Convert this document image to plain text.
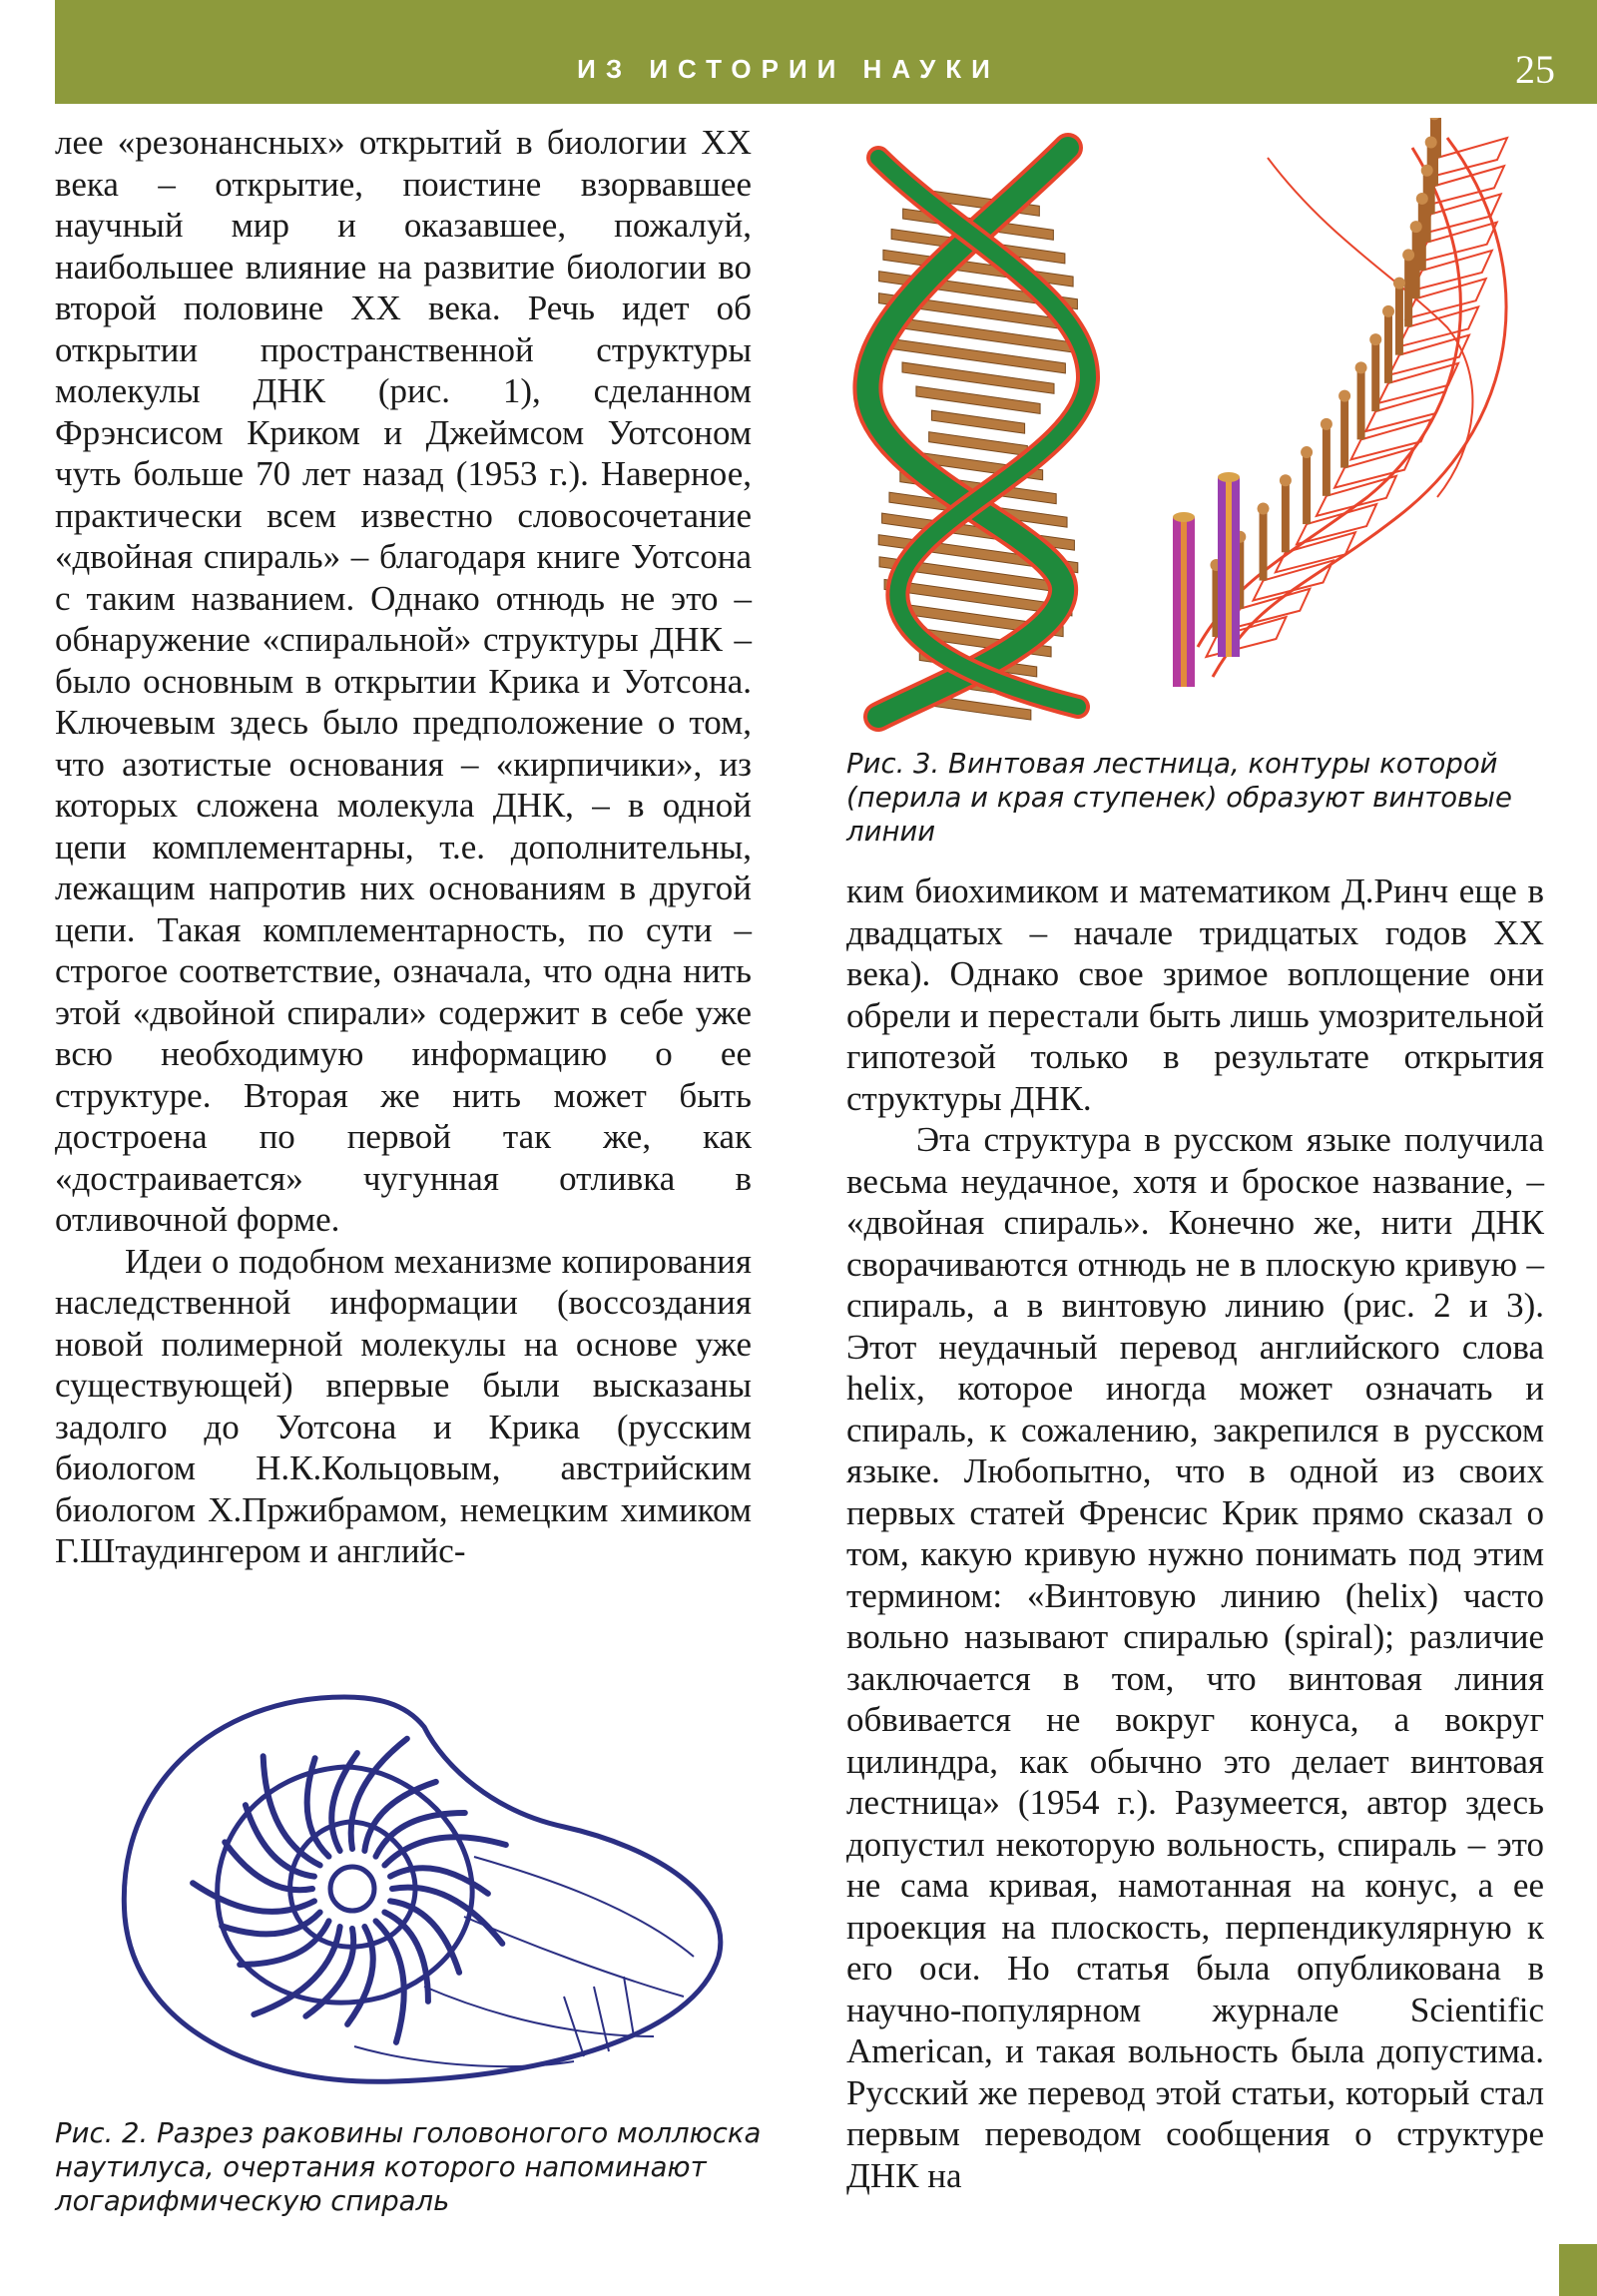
ИЗ ИСТОРИИ НАУКИ	25

лее «резонансных» открытий в биологии XX века – открытие, поистине взорвавшее научный мир и оказавшее, пожалуй, наибольшее влияние на развитие биологии во второй половине XX века. Речь идет об открытии пространственной структуры молекулы ДНК (рис. 1), сделанном Фрэнсисом Криком и Джеймсом Уотсоном чуть больше 70 лет назад (1953 г.). Наверное, практически всем известно словосочетание «двойная спираль» – благодаря книге Уотсона с таким названием. Однако отнюдь не это – обнаружение «спиральной» структуры ДНК – было основным в открытии Крика и Уотсона. Ключевым здесь было предположение о том, что азотистые основания – «кирпичики», из которых сложена молекула ДНК, – в одной цепи комплементарны, т.е. дополнительны, лежащим напротив них основаниям в другой цепи. Такая комплементарность, по сути – строгое соответствие, означала, что одна нить этой «двойной спирали» содержит в себе уже всю необходимую информацию о ее структуре. Вторая же нить может быть достроена по первой так же, как «достраивается» чугунная отливка в отливочной форме.

Идеи о подобном механизме копирования наследственной информации (воссоздания новой полимерной молекулы на основе уже существующей) впервые были высказаны задолго до Уотсона и Крика (русским биологом Н.К.Кольцовым, австрийским биологом Х.Пржибрамом, немецким химиком Г.Штаудингером и английс-

Рис. 3. Винтовая лестница, контуры которой (перила и края ступенек) образуют винтовые линии

ким биохимиком и математиком Д.Ринч еще в двадцатых – начале тридцатых годов XX века). Однако свое зримое воплощение они обрели и перестали быть лишь умозрительной гипотезой только в результате открытия структуры ДНК.

Эта структура в русском языке получила весьма неудачное, хотя и броское название, – «двойная спираль». Конечно же, нити ДНК сворачиваются отнюдь не в плоскую кривую – спираль, а в винтовую линию (рис. 2 и 3). Этот неудачный перевод английского слова helix, которое иногда может означать и спираль, к сожалению, закрепился в русском языке. Любопытно, что в одной из своих первых статей Френсис Крик прямо сказал о том, какую кривую нужно понимать под этим термином: «Винтовую линию (helix) часто вольно называют спиралью (spiral); различие заключается в том, что винтовая линия обвивается не вокруг конуса, а вокруг цилиндра, как обычно это делает винтовая лестница» (1954 г.). Разумеется, автор здесь допустил некоторую вольность, спираль – это не сама кривая, намотанная на конус, а ее проекция на плоскость, перпендикулярную к его оси. Но статья была опубликована в научно-популярном журнале Scientific American, и такая вольность была допустима. Русский же перевод этой статьи, который стал первым переводом сообщения о структуре ДНК на

Рис. 2. Разрез раковины головоногого моллюска наутилуса, очертания которого напоминают логарифмическую спираль
